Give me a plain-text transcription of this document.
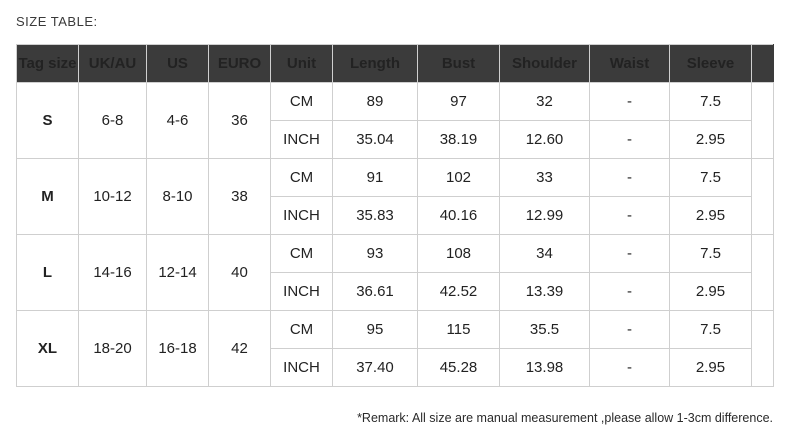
SIZE TABLE:
Tag size	UK/AU	US	EURO	Unit	Length	Bust	Shoulder	Waist	Sleeve	
S	6-8	4-6	36	CM	89	97	32	-	7.5	
				INCH	35.04	38.19	12.60	-	2.95	
M	10-12	8-10	38	CM	91	102	33	-	7.5	
				INCH	35.83	40.16	12.99	-	2.95	
L	14-16	12-14	40	CM	93	108	34	-	7.5	
				INCH	36.61	42.52	13.39	-	2.95	
XL	18-20	16-18	42	CM	95	115	35.5	-	7.5	
				INCH	37.40	45.28	13.98	-	2.95	
*Remark: All size are manual measurement ,please allow 1-3cm difference.
